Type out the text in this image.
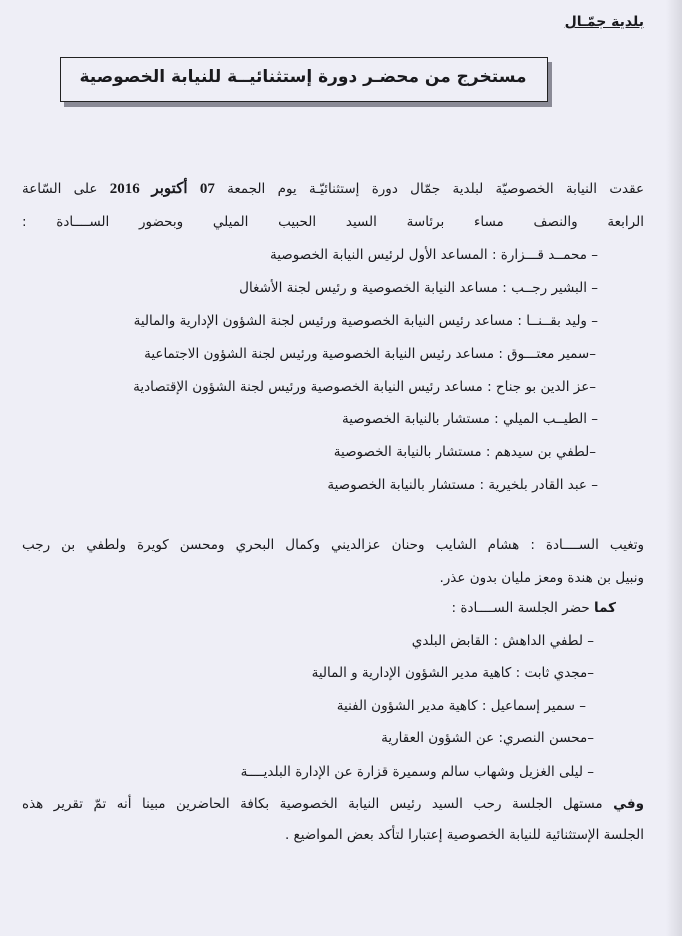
بلدية جمّـال
مستخرج من محضـر دورة إستثنائيــة للنيابة الخصوصية
عقدت النيابة الخصوصيّة لبلدية جمّال دورة إستثنائيّـة يوم الجمعة 07 أكتوبر 2016 على السّاعة
الرابعة والنصف مساء برئاسة السيد الحبيب الميلي وبحضور الســــادة :
– محمــد قـــزارة : المساعد الأول لرئيس النيابة الخصوصية
– البشير رجــب : مساعد النيابة الخصوصية و رئيس لجنة الأشغال
– وليد بقــنــا : مساعد رئيس النيابة الخصوصية ورئيس لجنة الشؤون الإدارية والمالية
–سمير معتـــوق : مساعد رئيس النيابة الخصوصية ورئيس لجنة الشؤون الاجتماعية
–عز الدين بو جناح : مساعد رئيس النيابة الخصوصية ورئيس لجنة الشؤون الإقتصادية
– الطيــب الميلي : مستشار بالنيابة الخصوصية
–لطفي بن سيدهم : مستشار بالنيابة الخصوصية
– عبد القادر بلخيرية : مستشار بالنيابة الخصوصية
وتغيب الســــادة : هشام الشايب وحنان عزالديني وكمال البحري ومحسن كويرة ولطفي بن رجب
ونبيل بن هندة ومعز مليان بدون عذر.
كما حضر الجلسة الســــادة :
– لطفي الداهش : القابض البلدي
–مجدي ثابت : كاهية مدير الشؤون الإدارية و المالية
– سمير إسماعيل : كاهية مدير الشؤون الفنية
–محسن النصري: عن الشؤون العقارية
– ليلى الغزيل وشهاب سالم وسميرة قزارة عن الإدارة البلديــــة
وفي مستهل الجلسة رحب السيد رئيس النيابة الخصوصية بكافة الحاضرين مبينا أنه تمّ تقرير هذه
الجلسة الإستثنائية للنيابة الخصوصية إعتبارا لتأكد بعض المواضيع .
